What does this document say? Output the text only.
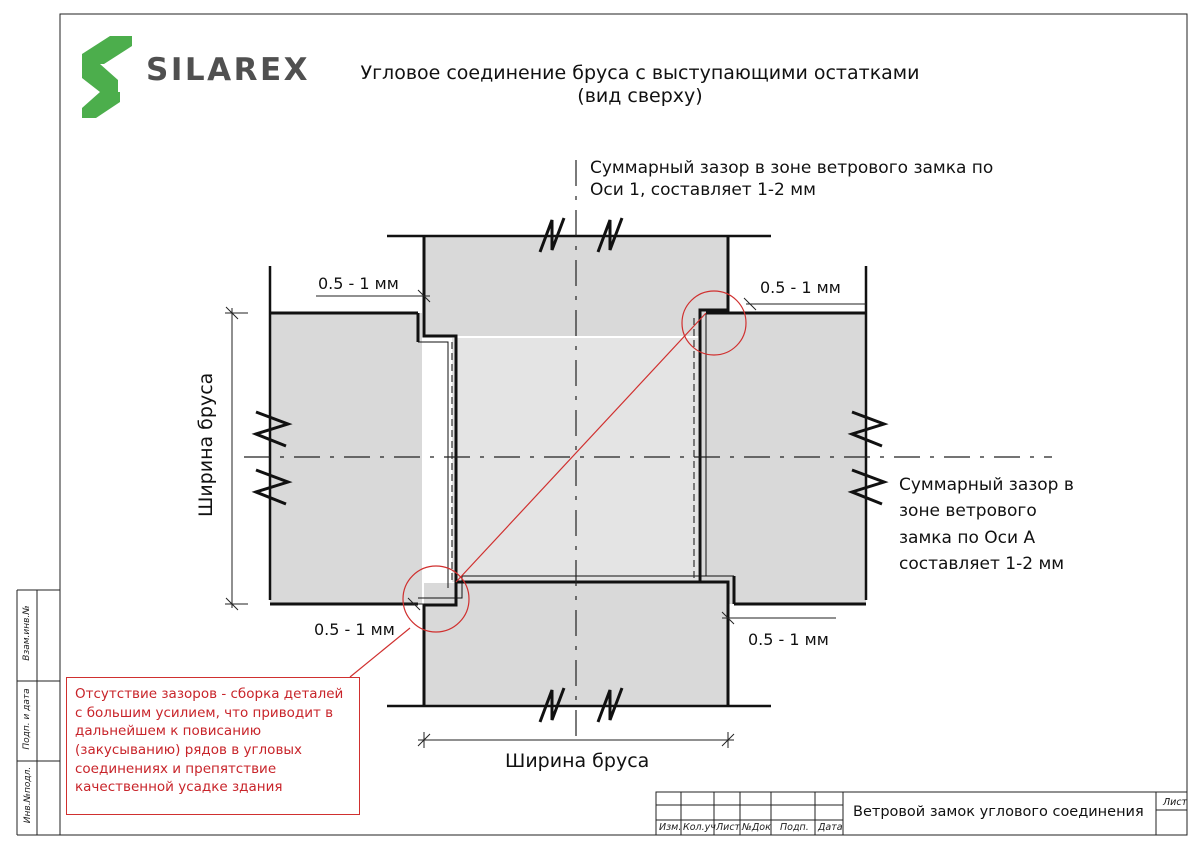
SILAREX	Угловое соединение бруса с выступающими остатками
(вид сверху)
Суммарный зазор в зоне ветрового замка по
Оси 1, составляет 1-2 мм
Суммарный зазор в
зоне ветрового
замка по Оси А
составляет 1-2 мм
0.5 - 1 мм	0.5 - 1 мм
0.5 - 1 мм
0.5 - 1 мм
Ширина бруса
Ширина бруса
Отсутствие зазоров - сборка деталей с большим усилием, что приводит в дальнейшем к повисанию (закусыванию) рядов в угловых соединениях и препятствие качественной усадке здания
Инв.№подл.
Подп. и дата
Взам.инв.№
Изм. Кол.уч Лист №Док Подп. Дата
Ветровой замок углового соединения
Лист
